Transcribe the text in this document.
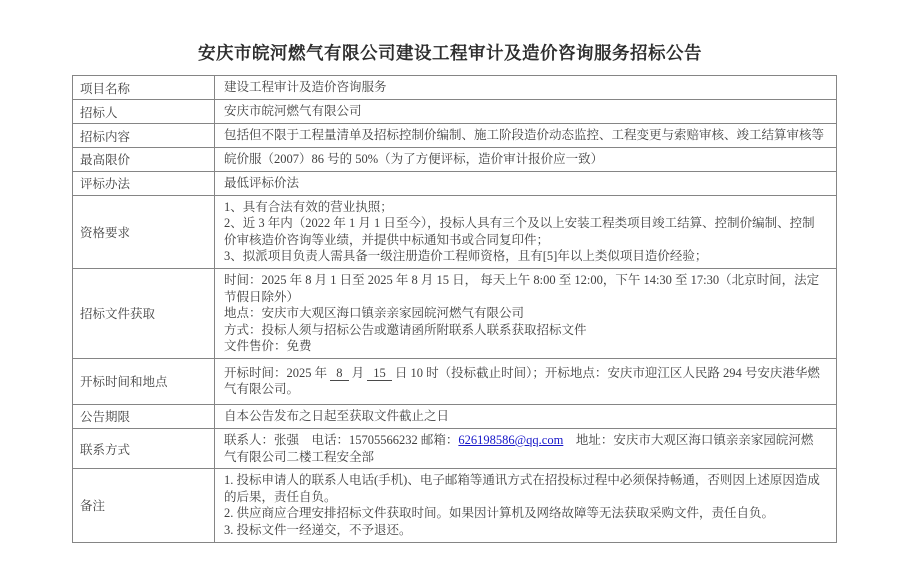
安庆市皖河燃气有限公司建设工程审计及造价咨询服务招标公告
项目名称	建设工程审计及造价咨询服务
招标人	安庆市皖河燃气有限公司
招标内容	包括但不限于工程量清单及招标控制价编制、施工阶段造价动态监控、工程变更与索赔审核、竣工结算审核等
最高限价	皖价服（2007）86 号的 50%（为了方便评标，造价审计报价应一致）
评标办法	最低评标价法
资格要求	1、具有合法有效的营业执照；
2、近 3 年内（2022 年 1 月 1 日至今），投标人具有三个及以上安装工程类项目竣工结算、控制价编制、控制价审核造价咨询等业绩，并提供中标通知书或合同复印件；
3、拟派项目负责人需具备一级注册造价工程师资格，且有[5]年以上类似项目造价经验；

招标文件获取	时间：2025 年 8 月 1 日至 2025 年 8 月 15 日， 每天上午 8:00 至 12:00，下午 14:30 至 17:30（北京时间，法定节假日除外）
地点：安庆市大观区海口镇亲亲家园皖河燃气有限公司
方式：投标人须与招标公告或邀请函所附联系人联系获取招标文件
文件售价：免费

开标时间和地点	开标时间：2025 年 8 月 15 日 10 时（投标截止时间）；开标地点：安庆市迎江区人民路 294 号安庆港华燃气有限公司。
公告期限	自本公告发布之日起至获取文件截止之日
联系方式	联系人：张强　电话：15705566232 邮箱：626198586@qq.com　地址：安庆市大观区海口镇亲亲家园皖河燃气有限公司二楼工程安全部
备注	1. 投标申请人的联系人电话(手机)、电子邮箱等通讯方式在招投标过程中必须保持畅通，否则因上述原因造成的后果，责任自负。
2. 供应商应合理安排招标文件获取时间。如果因计算机及网络故障等无法获取采购文件，责任自负。
3. 投标文件一经递交，不予退还。
